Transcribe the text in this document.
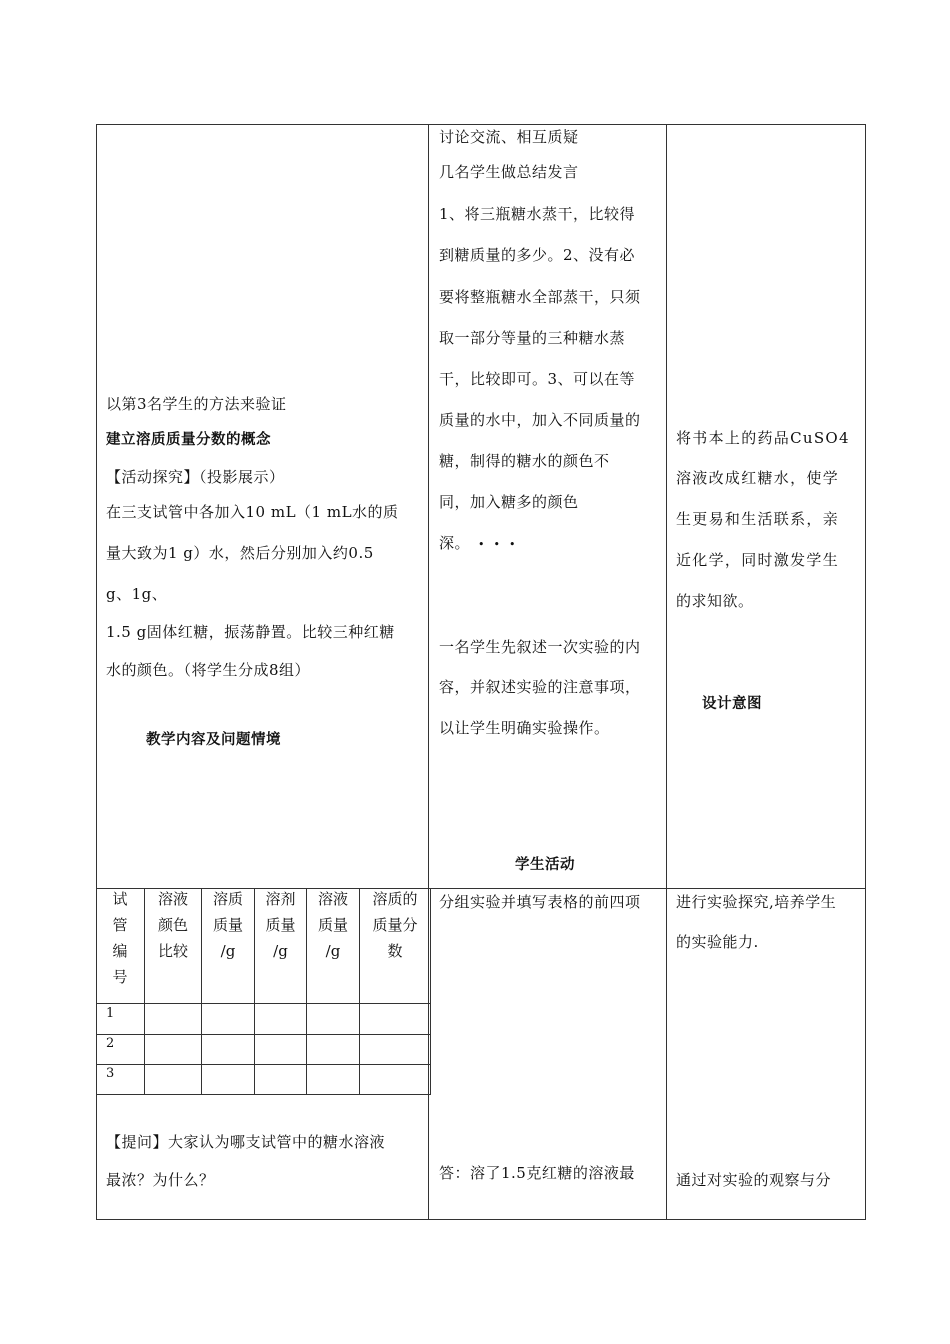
以第3名学生的方法来验证
建立溶质质量分数的概念
【活动探究】（投影展示）
在三支试管中各加入10 mL（1 mL水的质
量大致为1 g）水，然后分别加入约0.5
g、1g、
1.5 g固体红糖，振荡静置。比较三种红糖
水的颜色。（将学生分成8组）
教学内容及问题情境
讨论交流、相互质疑
几名学生做总结发言
1、将三瓶糖水蒸干，比较得
到糖质量的多少。2、没有必
要将整瓶糖水全部蒸干，只须
取一部分等量的三种糖水蒸
干，比较即可。3、可以在等
质量的水中，加入不同质量的
糖，制得的糖水的颜色不
同，加入糖多的颜色
深。 •••
一名学生先叙述一次实验的内
容，并叙述实验的注意事项，
以让学生明确实验操作。
学生活动
将书本上的药品CuSO4
溶液改成红糖水，使学
生更易和生活联系，亲
近化学，同时激发学生
的求知欲。
设计意图
试
管
编
号
溶液
颜色
比较
溶质
质量
/g
溶剂
质量
/g
溶液
质量
/g
溶质的
质量分
数
1
2
3
分组实验并填写表格的前四项 进行实验探究,培养学生
的实验能力.
【提问】大家认为哪支试管中的糖水溶液
最浓？为什么？	答：溶了1.5克红糖的溶液最	通过对实验的观察与分
